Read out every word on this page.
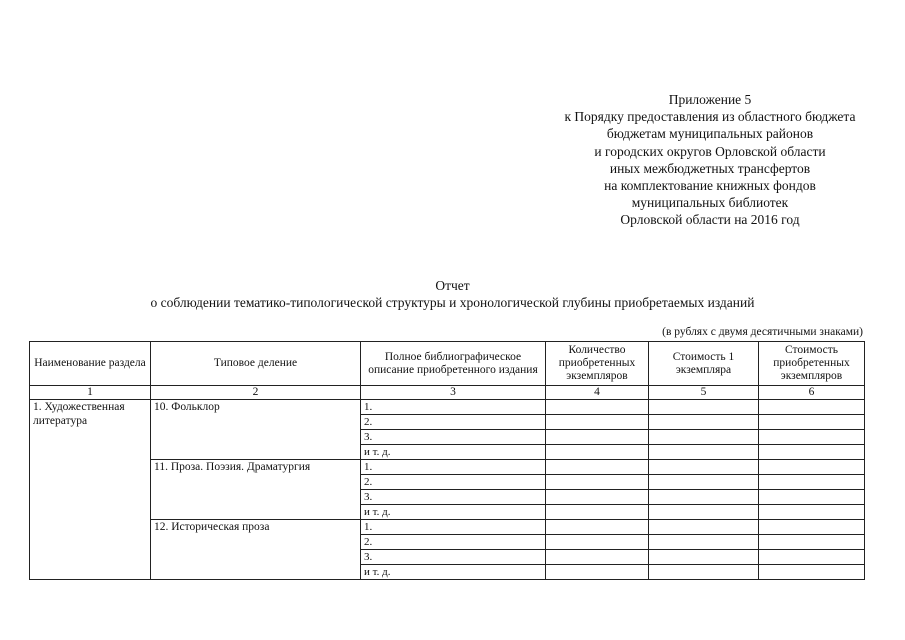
Приложение 5
к Порядку предоставления из областного бюджета
бюджетам муниципальных районов
и городских округов Орловской области
иных межбюджетных трансфертов
на комплектование книжных фондов
муниципальных библиотек
Орловской области на 2016 год
Отчет
о соблюдении тематико-типологической структуры и хронологической глубины приобретаемых изданий
(в рублях с двумя десятичными знаками)
Наименование раздела	Типовое деление	Полное библиографическое описание приобретенного издания	Количество приобретенных экземпляров	Стоимость 1 экземпляра	Стоимость приобретенных экземпляров
1	2	3	4	5	6
1. Художественная литература	10. Фольклор	1.			
		2.			
		3.			
		и т. д.			
	11. Проза. Поэзия. Драматургия	1.			
		2.			
		3.			
		и т. д.			
	12. Историческая проза	1.			
		2.			
		3.			
		и т. д.			
